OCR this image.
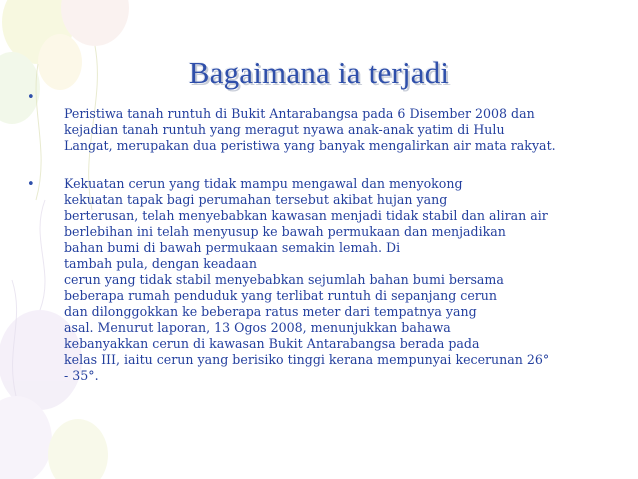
Bagaimana ia terjadi
•
Peristiwa tanah runtuh di Bukit Antarabangsa pada 6 Disember 2008 dan
kejadian tanah runtuh yang meragut nyawa anak-anak yatim di Hulu
Langat, merupakan dua peristiwa yang banyak mengalirkan air mata rakyat.
• Kekuatan cerun yang tidak mampu mengawal dan menyokong
kekuatan tapak bagi perumahan tersebut akibat hujan yang
berterusan, telah menyebabkan kawasan menjadi tidak stabil dan aliran air
berlebihan ini telah menyusup ke bawah permukaan dan menjadikan
bahan bumi di bawah permukaan semakin lemah. Di
tambah pula, dengan keadaan
cerun yang tidak stabil menyebabkan sejumlah bahan bumi bersama
beberapa rumah penduduk yang terlibat runtuh di sepanjang cerun
dan dilonggokkan ke beberapa ratus meter dari tempatnya yang
asal. Menurut laporan, 13 Ogos 2008, menunjukkan bahawa
kebanyakkan cerun di kawasan Bukit Antarabangsa berada pada
kelas III, iaitu cerun yang berisiko tinggi kerana mempunyai kecerunan 26°
- 35°.
